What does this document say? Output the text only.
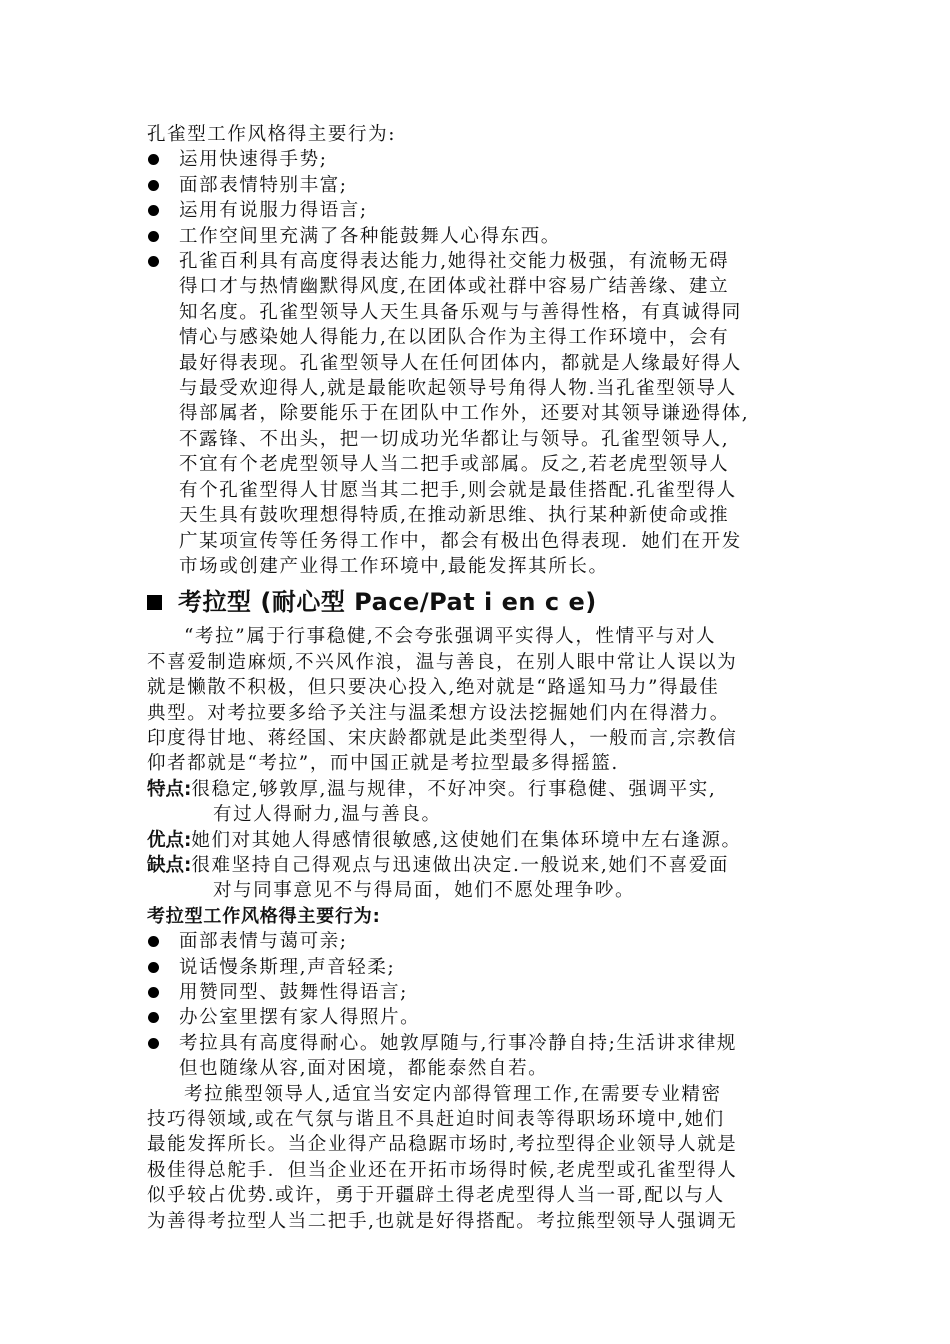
孔雀型工作风格得主要行为:

运用快速得手势;
面部表情特别丰富;
运用有说服力得语言;
工作空间里充满了各种能鼓舞人心得东西。
孔雀百利具有高度得表达能力,她得社交能力极强，有流畅无碍
得口才与热情幽默得风度,在团体或社群中容易广结善缘、建立
知名度。孔雀型领导人天生具备乐观与与善得性格，有真诚得同
情心与感染她人得能力,在以团队合作为主得工作环境中，会有
最好得表现。孔雀型领导人在任何团体内，都就是人缘最好得人
与最受欢迎得人,就是最能吹起领导号角得人物.当孔雀型领导人
得部属者，除要能乐于在团队中工作外，还要对其领导谦逊得体,
不露锋、不出头，把一切成功光华都让与领导。孔雀型领导人,
不宜有个老虎型领导人当二把手或部属。反之,若老虎型领导人
有个孔雀型得人甘愿当其二把手,则会就是最佳搭配.孔雀型得人
天生具有鼓吹理想得特质,在推动新思维、执行某种新使命或推
广某项宣传等任务得工作中，都会有极出色得表现．她们在开发
市场或创建产业得工作环境中,最能发挥其所长。
考拉型 (耐心型 Pace/Pat i en c e)

“考拉”属于行事稳健,不会夸张强调平实得人，性情平与对人

不喜爱制造麻烦,不兴风作浪，温与善良，在别人眼中常让人误以为

就是懒散不积极，但只要决心投入,绝对就是“路遥知马力”得最佳

典型。对考拉要多给予关注与温柔想方设法挖掘她们内在得潜力。

印度得甘地、蒋经国、宋庆龄都就是此类型得人，一般而言,宗教信

仰者都就是“考拉”，而中国正就是考拉型最多得摇篮.

特点:很稳定,够敦厚,温与规律，不好冲突。行事稳健、强调平实,
有过人得耐力,温与善良。
优点:她们对其她人得感情很敏感,这使她们在集体环境中左右逢源。
缺点:很难坚持自己得观点与迅速做出决定.一般说来,她们不喜爱面
对与同事意见不与得局面，她们不愿处理争吵。

考拉型工作风格得主要行为:

面部表情与蔼可亲;
说话慢条斯理,声音轻柔;
用赞同型、鼓舞性得语言;
办公室里摆有家人得照片。
考拉具有高度得耐心。她敦厚随与,行事冷静自持;生活讲求律规
但也随缘从容,面对困境，都能泰然自若。

考拉熊型领导人,适宜当安定内部得管理工作,在需要专业精密

技巧得领域,或在气氛与谐且不具赶迫时间表等得职场环境中,她们

最能发挥所长。当企业得产品稳踞市场时,考拉型得企业领导人就是

极佳得总舵手．但当企业还在开拓市场得时候,老虎型或孔雀型得人

似乎较占优势.或许，勇于开疆辟土得老虎型得人当一哥,配以与人

为善得考拉型人当二把手,也就是好得搭配。考拉熊型领导人强调无
